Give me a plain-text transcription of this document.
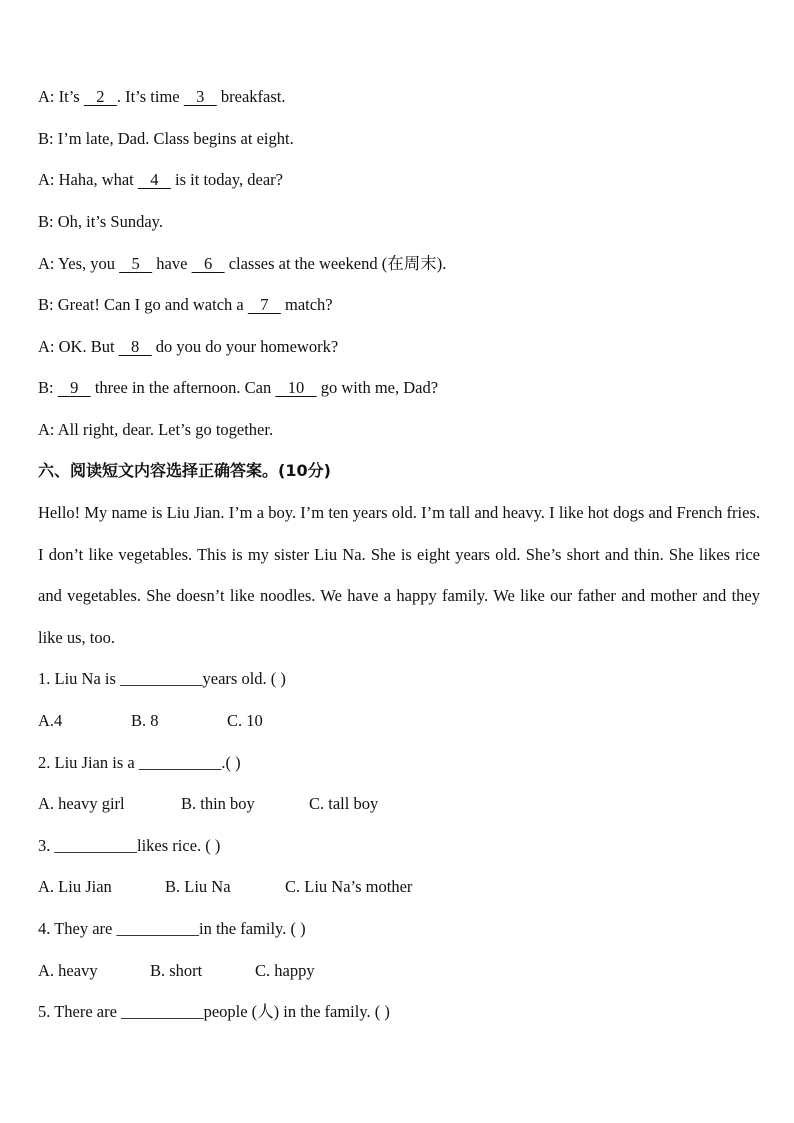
A: It’s 2 . It’s time 3 breakfast.
B: I’m late, Dad. Class begins at eight.
A: Haha, what 4 is it today, dear?
B: Oh, it’s Sunday.
A: Yes, you 5 have 6 classes at the weekend (在周末).
B: Great! Can I go and watch a 7 match?
A: OK. But 8 do you do your homework?
B: 9 three in the afternoon. Can 10 go with me, Dad?
A: All right, dear. Let’s go together.
六、阅读短文内容选择正确答案。(10分)
Hello! My name is Liu Jian. I’m a boy. I’m ten years old. I’m tall and heavy. I like hot dogs and French fries. I don’t like vegetables. This is my sister Liu Na. She is eight years old. She’s short and thin. She likes rice and vegetables. She doesn’t like noodles. We have a happy family. We like our father and mother and they like us, too.
1. Liu Na is __________years old. ( )
A.4	B. 8	C. 10
2. Liu Jian is a __________.( )
A. heavy girl	B. thin boy	C. tall boy
3. __________likes rice. ( )
A. Liu Jian	B. Liu Na	C. Liu Na’s mother
4. They are __________in the family. ( )
A. heavy	B. short	C. happy
5. There are __________people (人) in the family. ( )
